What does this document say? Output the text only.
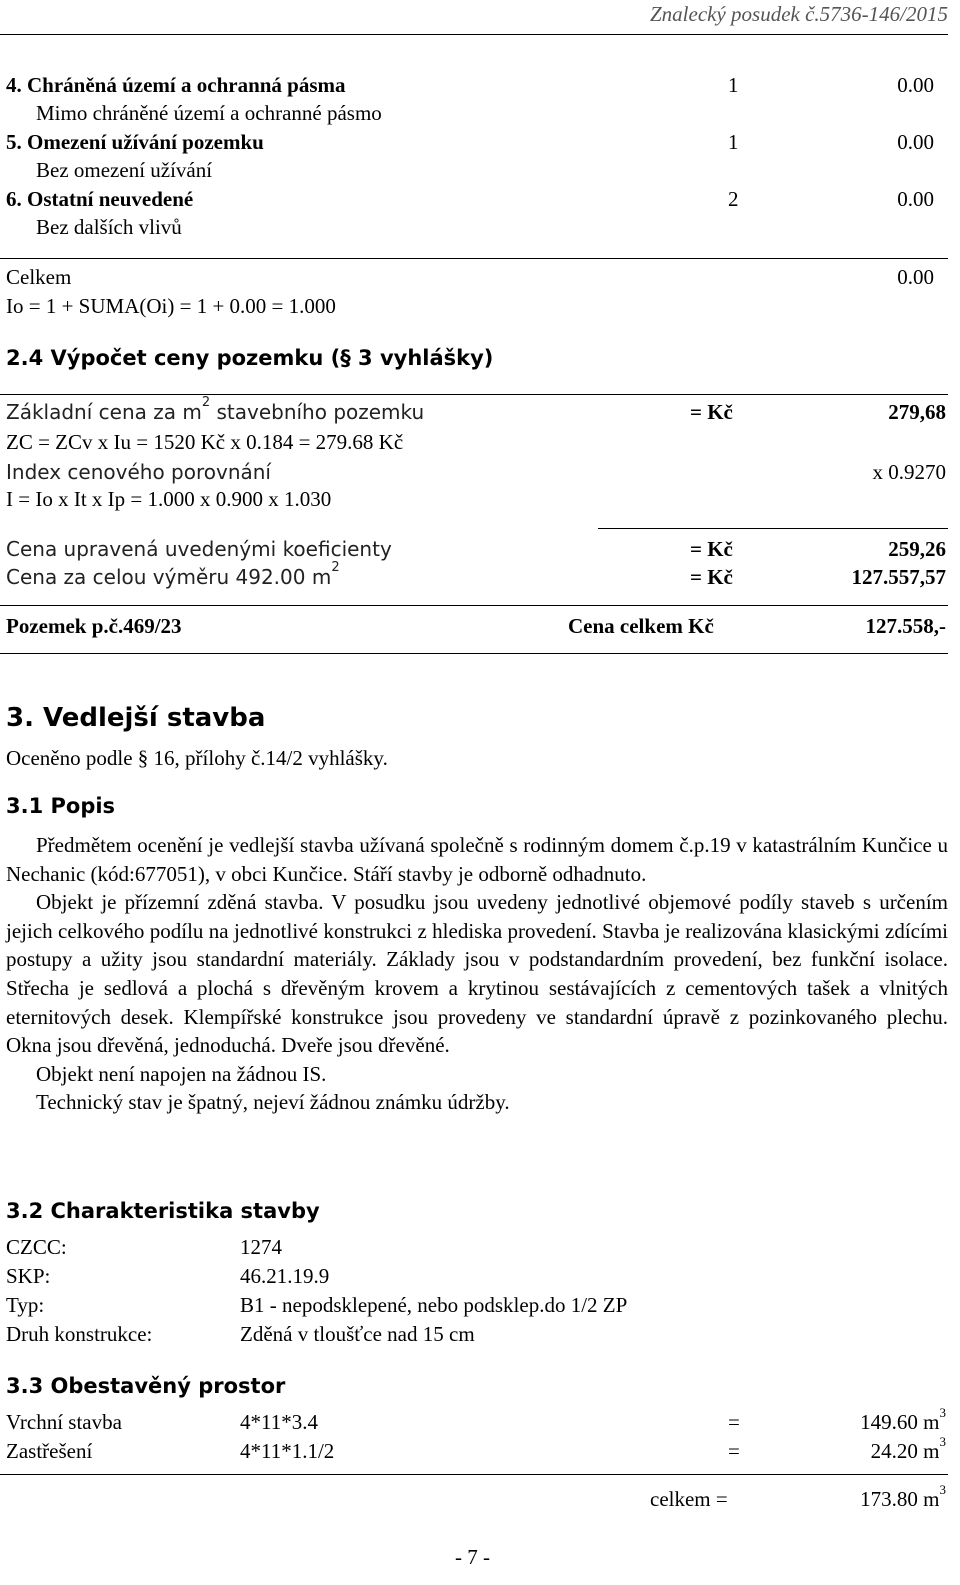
Znalecký posudek č.5736-146/2015
4. Chráněná území a ochranná pásma	1	0.00
Mimo chráněné území a ochranné pásmo
5. Omezení užívání pozemku	1	0.00
Bez omezení užívání
6. Ostatní neuvedené	2	0.00
Bez dalších vlivů
Celkem	0.00
Io = 1 + SUMA(Oi) = 1 + 0.00 = 1.000
2.4 Výpočet ceny pozemku (§ 3 vyhlášky)
Základní cena za $m^2$ stavebního pozemku	= Kč	279,68
ZC = ZCv x Iu = 1520 Kč x 0.184 = 279.68 Kč
Index cenového porovnání	x 0.9270
I = Io x It x Ip = 1.000 x 0.900 x 1.030
Cena upravená uvedenými koeficienty	= Kč	259,26
Cena za celou výměru 492.00 $m^2$	= Kč	127.557,57
Pozemek p.č.469/23	Cena celkem Kč	127.558,-
3. Vedlejší stavba
Oceněno podle § 16, přílohy č.14/2 vyhlášky.
3.1 Popis

Předmětem ocenění je vedlejší stavba užívaná společně s rodinným domem č.p.19 v katastrálním Kunčice u Nechanic (kód:677051), v obci Kunčice. Stáří stavby je odborně odhadnuto.

Objekt je přízemní zděná stavba. V posudku jsou uvedeny jednotlivé objemové podíly staveb s určením jejich celkového podílu na jednotlivé konstrukci z hlediska provedení. Stavba je realizována klasickými zdícími postupy a užity jsou standardní materiály. Základy jsou v podstandardním provedení, bez funkční isolace. Střecha je sedlová a plochá s dřevěným krovem a krytinou sestávajících z cementových tašek a vlnitých eternitových desek. Klempířské konstrukce jsou provedeny ve standardní úpravě z pozinkovaného plechu. Okna jsou dřevěná, jednoduchá. Dveře jsou dřevěné.

Objekt není napojen na žádnou IS.

Technický stav je špatný, nejeví žádnou známku údržby.

3.2 Charakteristika stavby
CZCC:	1274
SKP:	46.21.19.9
Typ:	B1 - nepodsklepené, nebo podsklep.do 1/2 ZP
Druh konstrukce:	Zděná v tloušťce nad 15 cm
3.3 Obestavěný prostor
Vrchní stavba	4*11*3.4	=	149.60 $m^3$
Zastřešení	4*11*1.1/2	=	24.20 $m^3$
celkem =	173.80 $m^3$
- 7 -
